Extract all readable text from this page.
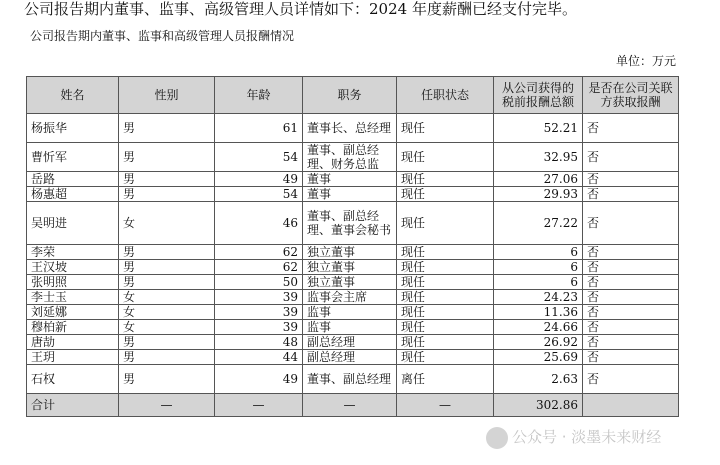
公司报告期内董事、监事、高级管理人员详情如下：2024 年度薪酬已经支付完毕。
公司报告期内董事、监事和高级管理人员报酬情况
单位：万元
姓名	性别	年龄	职务	任职状态	从公司获得的税前报酬总额	是否在公司关联方获取报酬
杨振华	男	61	董事长、总经理	现任	52.21	否
曹忻军	男	54	董事、副总经理、财务总监	现任	32.95	否
岳路	男	49	董事	现任	27.06	否
杨惠超	男	54	董事	现任	29.93	否
吴明进	女	46	董事、副总经理、董事会秘书	现任	27.22	否
李荣	男	62	独立董事	现任	6	否
王汉坡	男	62	独立董事	现任	6	否
张明照	男	50	独立董事	现任	6	否
李士玉	女	39	监事会主席	现任	24.23	否
刘延娜	女	39	监事	现任	11.36	否
穆柏新	女	39	监事	现任	24.66	否
唐劼	男	48	副总经理	现任	26.92	否
王玥	男	44	副总经理	现任	25.69	否
石权	男	49	董事、副总经理	离任	2.63	否
合计	—	—	—	—	302.86	
公众号 · 淡墨未来财经
